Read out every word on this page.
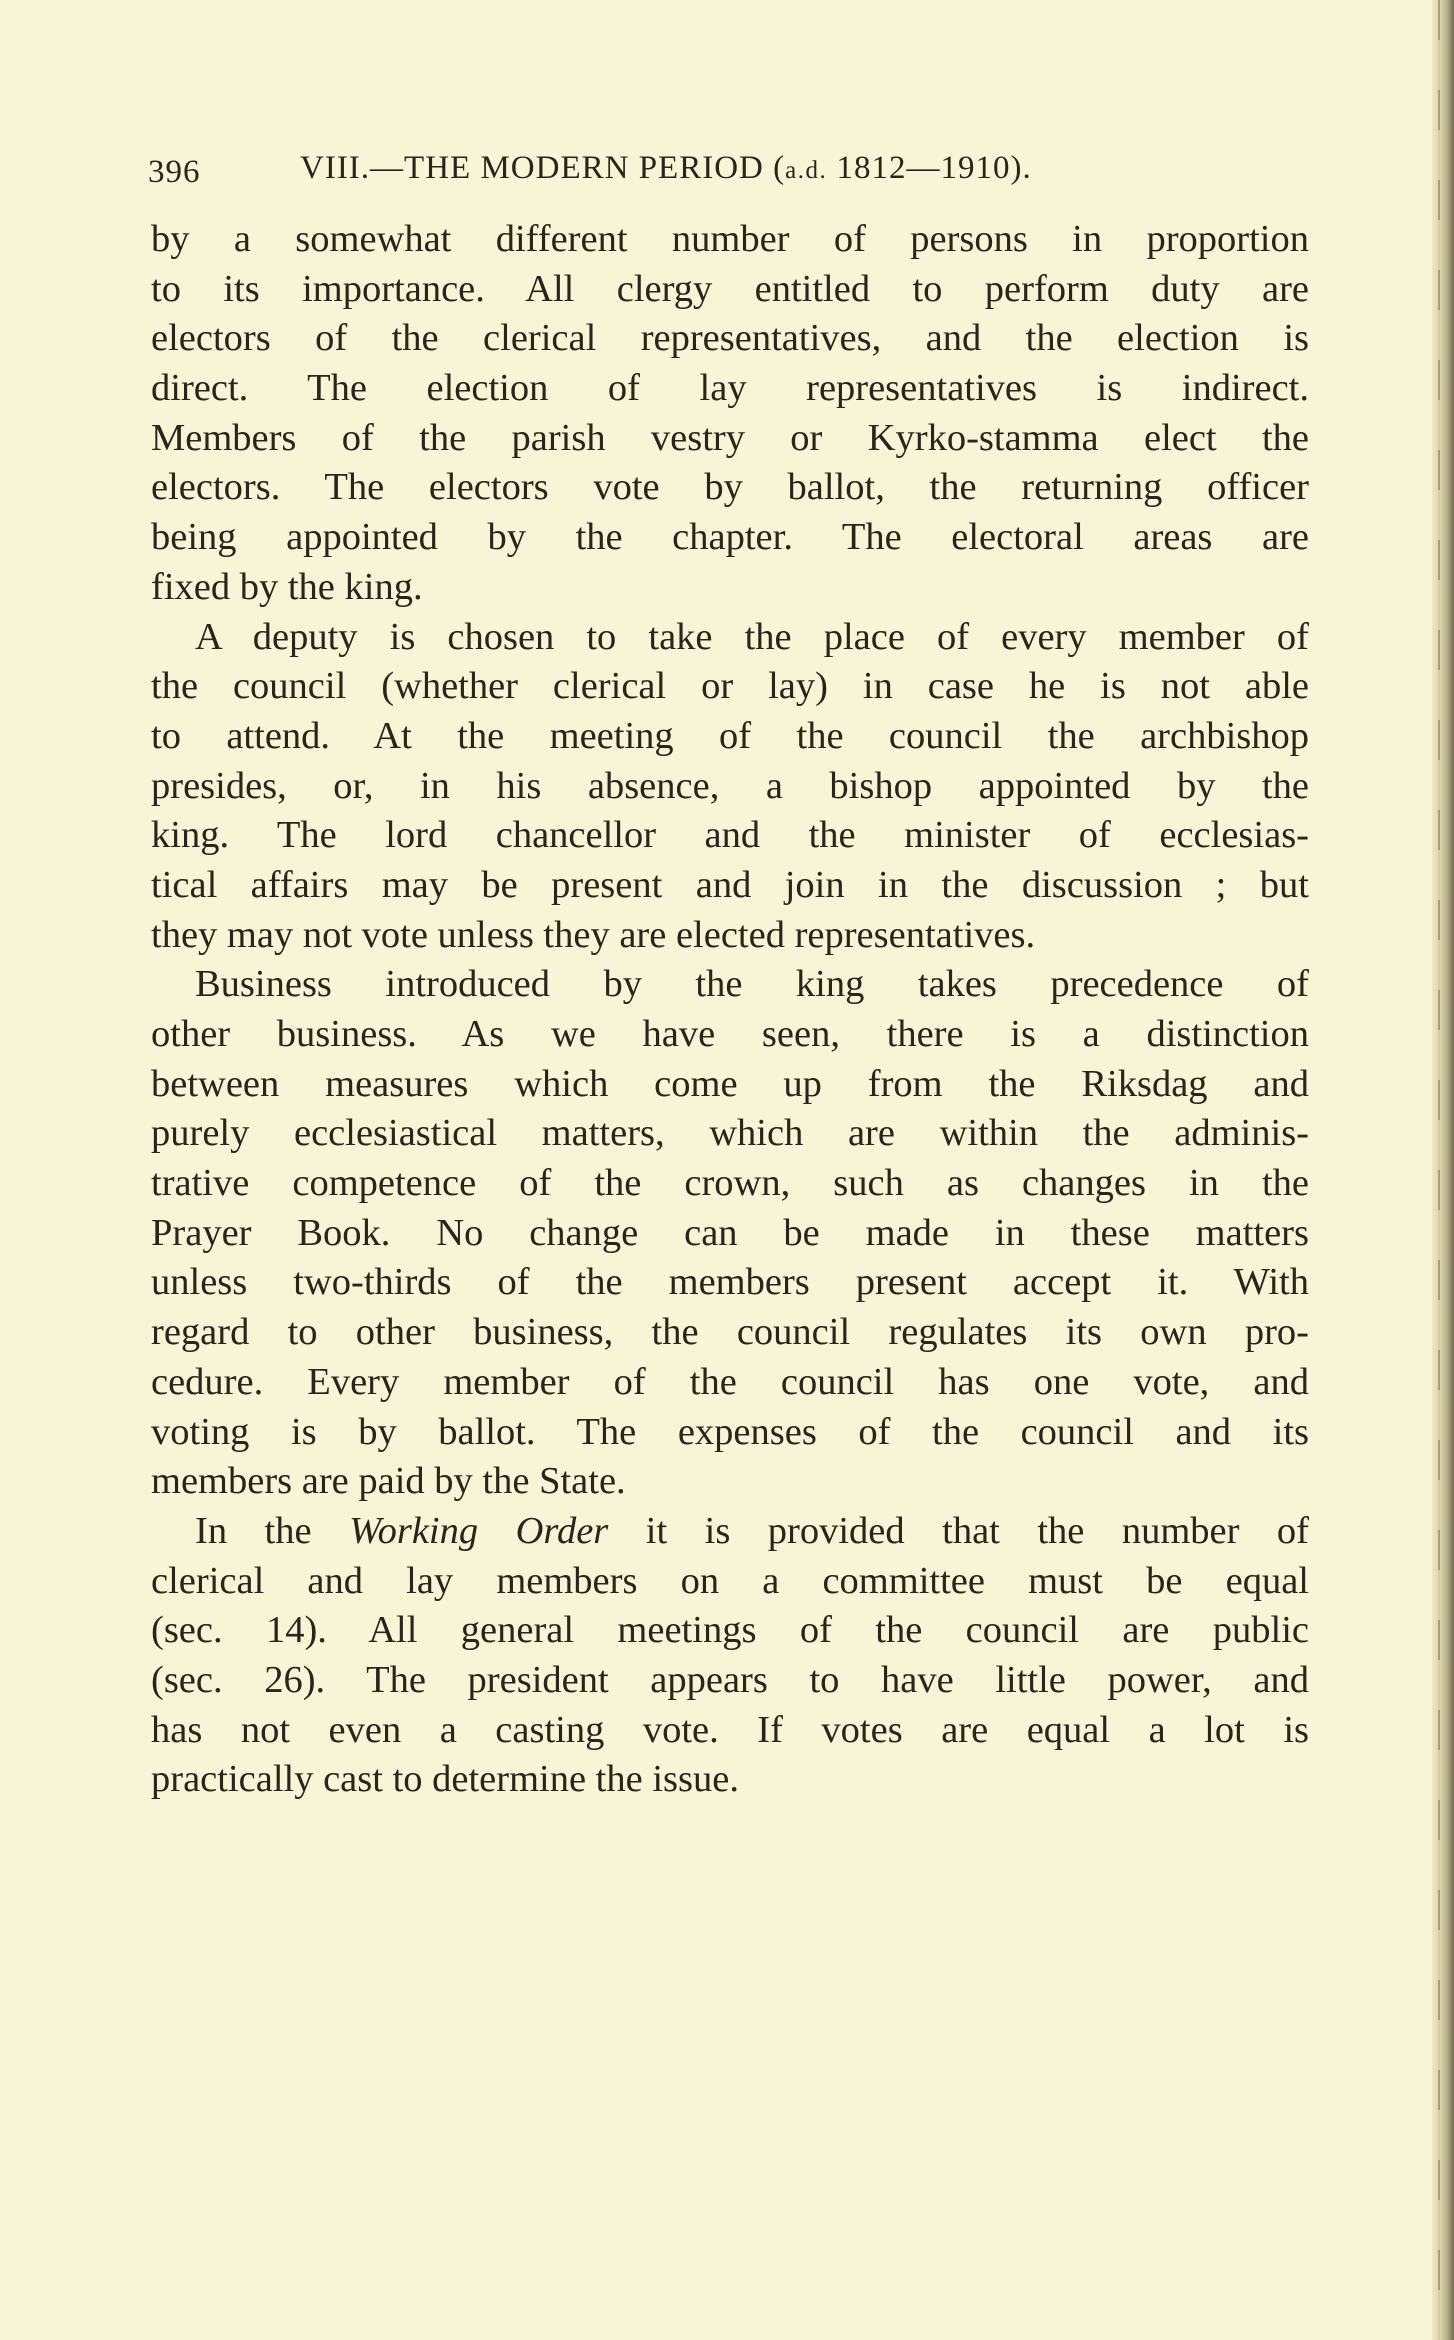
396	VIII.—THE MODERN PERIOD (a.d. 1812—1910).
by a somewhat different number of persons in proportion
to its importance. All clergy entitled to perform duty are
electors of the clerical representatives, and the election is
direct. The election of lay representatives is indirect.
Members of the parish vestry or Kyrko-stamma elect the
electors. The electors vote by ballot, the returning officer
being appointed by the chapter. The electoral areas are
fixed by the king.
A deputy is chosen to take the place of every member of
the council (whether clerical or lay) in case he is not able
to attend. At the meeting of the council the archbishop
presides, or, in his absence, a bishop appointed by the
king. The lord chancellor and the minister of ecclesias-
tical affairs may be present and join in the discussion ; but
they may not vote unless they are elected representatives.
Business introduced by the king takes precedence of
other business. As we have seen, there is a distinction
between measures which come up from the Riksdag and
purely ecclesiastical matters, which are within the adminis-
trative competence of the crown, such as changes in the
Prayer Book. No change can be made in these matters
unless two-thirds of the members present accept it. With
regard to other business, the council regulates its own pro-
cedure. Every member of the council has one vote, and
voting is by ballot. The expenses of the council and its
members are paid by the State.
In the Working Order it is provided that the number of
clerical and lay members on a committee must be equal
(sec. 14). All general meetings of the council are public
(sec. 26). The president appears to have little power, and
has not even a casting vote. If votes are equal a lot is
practically cast to determine the issue.
